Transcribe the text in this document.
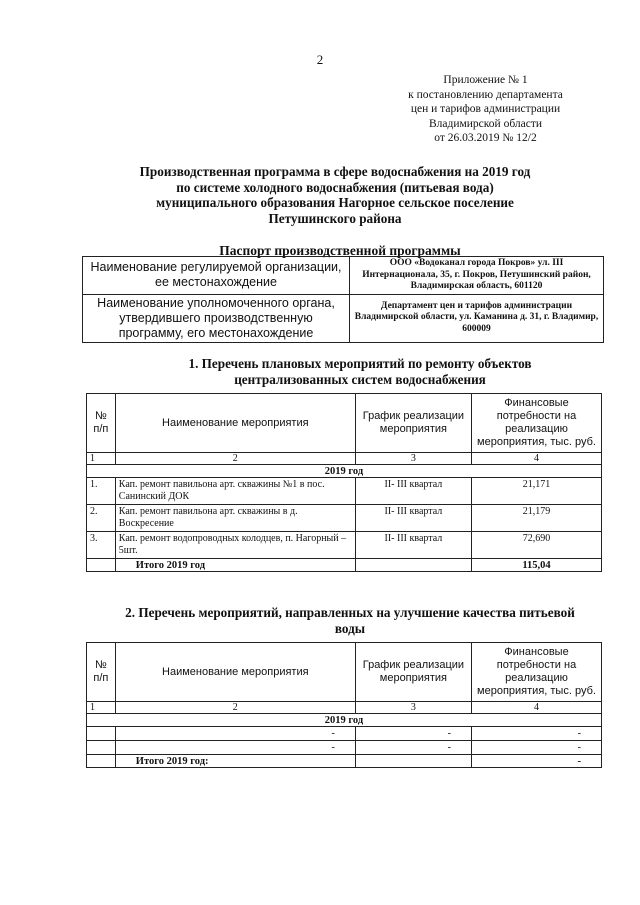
2
Приложение № 1
к постановлению департамента
цен и тарифов администрации
Владимирской области
от 26.03.2019 № 12/2
Производственная программа в сфере водоснабжения на 2019 год
по системе холодного водоснабжения (питьевая вода)
муниципального образования Нагорное сельское поселение
Петушинского района
Паспорт производственной программы
Наименование регулируемой организации, ее местонахождение	ООО «Водоканал города Покров» ул. III Интернационала, 35, г. Покров, Петушинский район, Владимирская область, 601120
Наименование уполномоченного органа, утвердившего производственную программу, его местонахождение	Департамент цен и тарифов администрации Владимирской области, ул. Каманина д. 31, г. Владимир, 600009
1. Перечень плановых мероприятий по ремонту объектов централизованных систем водоснабжения
№ п/п	Наименование мероприятия	График реализации мероприятия	Финансовые потребности на реализацию мероприятия, тыс. руб.
1	2	3	4
2019 год			
1.	Кап. ремонт павильона арт. скважины №1 в пос. Санинский ДОК	II- III квартал	21,171
2.	Кап. ремонт павильона арт. скважины в д. Воскресение	II- III квартал	21,179
3.	Кап. ремонт водопроводных колодцев, п. Нагорный – 5шт.	II- III квартал	72,690
	Итого 2019 год		115,04
2. Перечень мероприятий, направленных на улучшение качества питьевой воды
№ п/п	Наименование мероприятия	График реализации мероприятия	Финансовые потребности на реализацию мероприятия, тыс. руб.
1	2	3	4
2019 год			
	-	-	-
	-	-	-
	Итого 2019 год:		-
